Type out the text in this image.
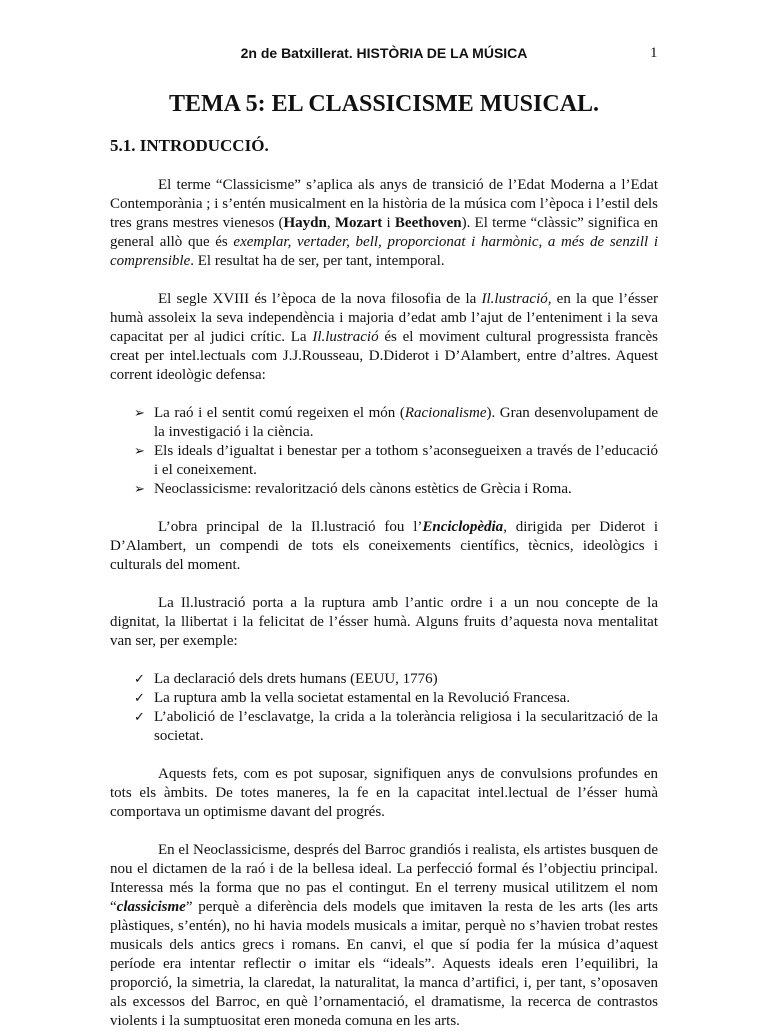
2n de Batxillerat. HISTÒRIA DE LA MÚSICA	1
TEMA 5: EL CLASSICISME MUSICAL.
5.1. INTRODUCCIÓ.

El terme “Classicisme” s’aplica als anys de transició de l’Edat Moderna a l’Edat Contemporània ; i s’entén musicalment en la història de la música com l’època i l’estil dels tres grans mestres vienesos (Haydn, Mozart i Beethoven). El terme “clàssic” significa en general allò que és exemplar, vertader, bell, proporcionat i harmònic, a més de senzill i comprensible. El resultat ha de ser, per tant, intemporal.

El segle XVIII és l’època de la nova filosofia de la Il.lustració, en la que l’ésser humà assoleix la seva independència i majoria d’edat amb l’ajut de l’enteniment i la seva capacitat per al judici crític. La Il.lustració és el moviment cultural progressista francès creat per intel.lectuals com J.J.Rousseau, D.Diderot i D’Alambert, entre d’altres. Aquest corrent ideològic defensa:

➢ La raó i el sentit comú regeixen el món (Racionalisme). Gran desenvolupament de la investigació i la ciència.
➢ Els ideals d’igualtat i benestar per a tothom s’aconsegueixen a través de l’educació i el coneixement.
➢ Neoclassicisme: revalorització dels cànons estètics de Grècia i Roma.

L’obra principal de la Il.lustració fou l’Enciclopèdia, dirigida per Diderot i D’Alambert, un compendi de tots els coneixements científics, tècnics, ideològics i culturals del moment.

La Il.lustració porta a la ruptura amb l’antic ordre i a un nou concepte de la dignitat, la llibertat i la felicitat de l’ésser humà. Alguns fruits d’aquesta nova mentalitat van ser, per exemple:

✓ La declaració dels drets humans (EEUU, 1776)
✓ La ruptura amb la vella societat estamental en la Revolució Francesa.
✓ L’abolició de l’esclavatge, la crida a la tolerància religiosa i la secularització de la societat.

Aquests fets, com es pot suposar, signifiquen anys de convulsions profundes en tots els àmbits. De totes maneres, la fe en la capacitat intel.lectual de l’ésser humà comportava un optimisme davant del progrés.

En el Neoclassicisme, després del Barroc grandiós i realista, els artistes busquen de nou el dictamen de la raó i de la bellesa ideal. La perfecció formal és l’objectiu principal. Interessa més la forma que no pas el contingut. En el terreny musical utilitzem el nom “classicisme” perquè a diferència dels models que imitaven la resta de les arts (les arts plàstiques, s’entén), no hi havia models musicals a imitar, perquè no s’havien trobat restes musicals dels antics grecs i romans. En canvi, el que sí podia fer la música d’aquest període era intentar reflectir o imitar els “ideals”. Aquests ideals eren l’equilibri, la proporció, la simetria, la claredat, la naturalitat, la manca d’artifici, i, per tant, s’oposaven als excessos del Barroc, en què l’ornamentació, el dramatisme, la recerca de contrastos violents i la sumptuositat eren moneda comuna en les arts.
